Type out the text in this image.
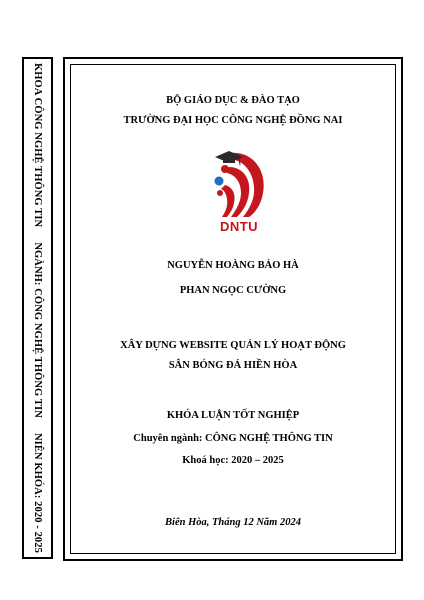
KHOA CÔNG NGHỆ THÔNG TIN
NGÀNH: CÔNG NGHỆ THÔNG TIN
NIÊN KHÓA: 2020 - 2025
BỘ GIÁO DỤC & ĐÀO TẠO
TRƯỜNG ĐẠI HỌC CÔNG NGHỆ ĐỒNG NAI
DNTU
NGUYỄN HOÀNG BẢO HÀ
PHAN NGỌC CƯỜNG
XÂY DỰNG WEBSITE QUẢN LÝ HOẠT ĐỘNG
SÂN BÓNG ĐÁ HIỀN HÒA
KHÓA LUẬN TỐT NGHIỆP
Chuyên ngành: CÔNG NGHỆ THÔNG TIN
Khoá học: 2020 – 2025
Biên Hòa, Tháng 12 Năm 2024
